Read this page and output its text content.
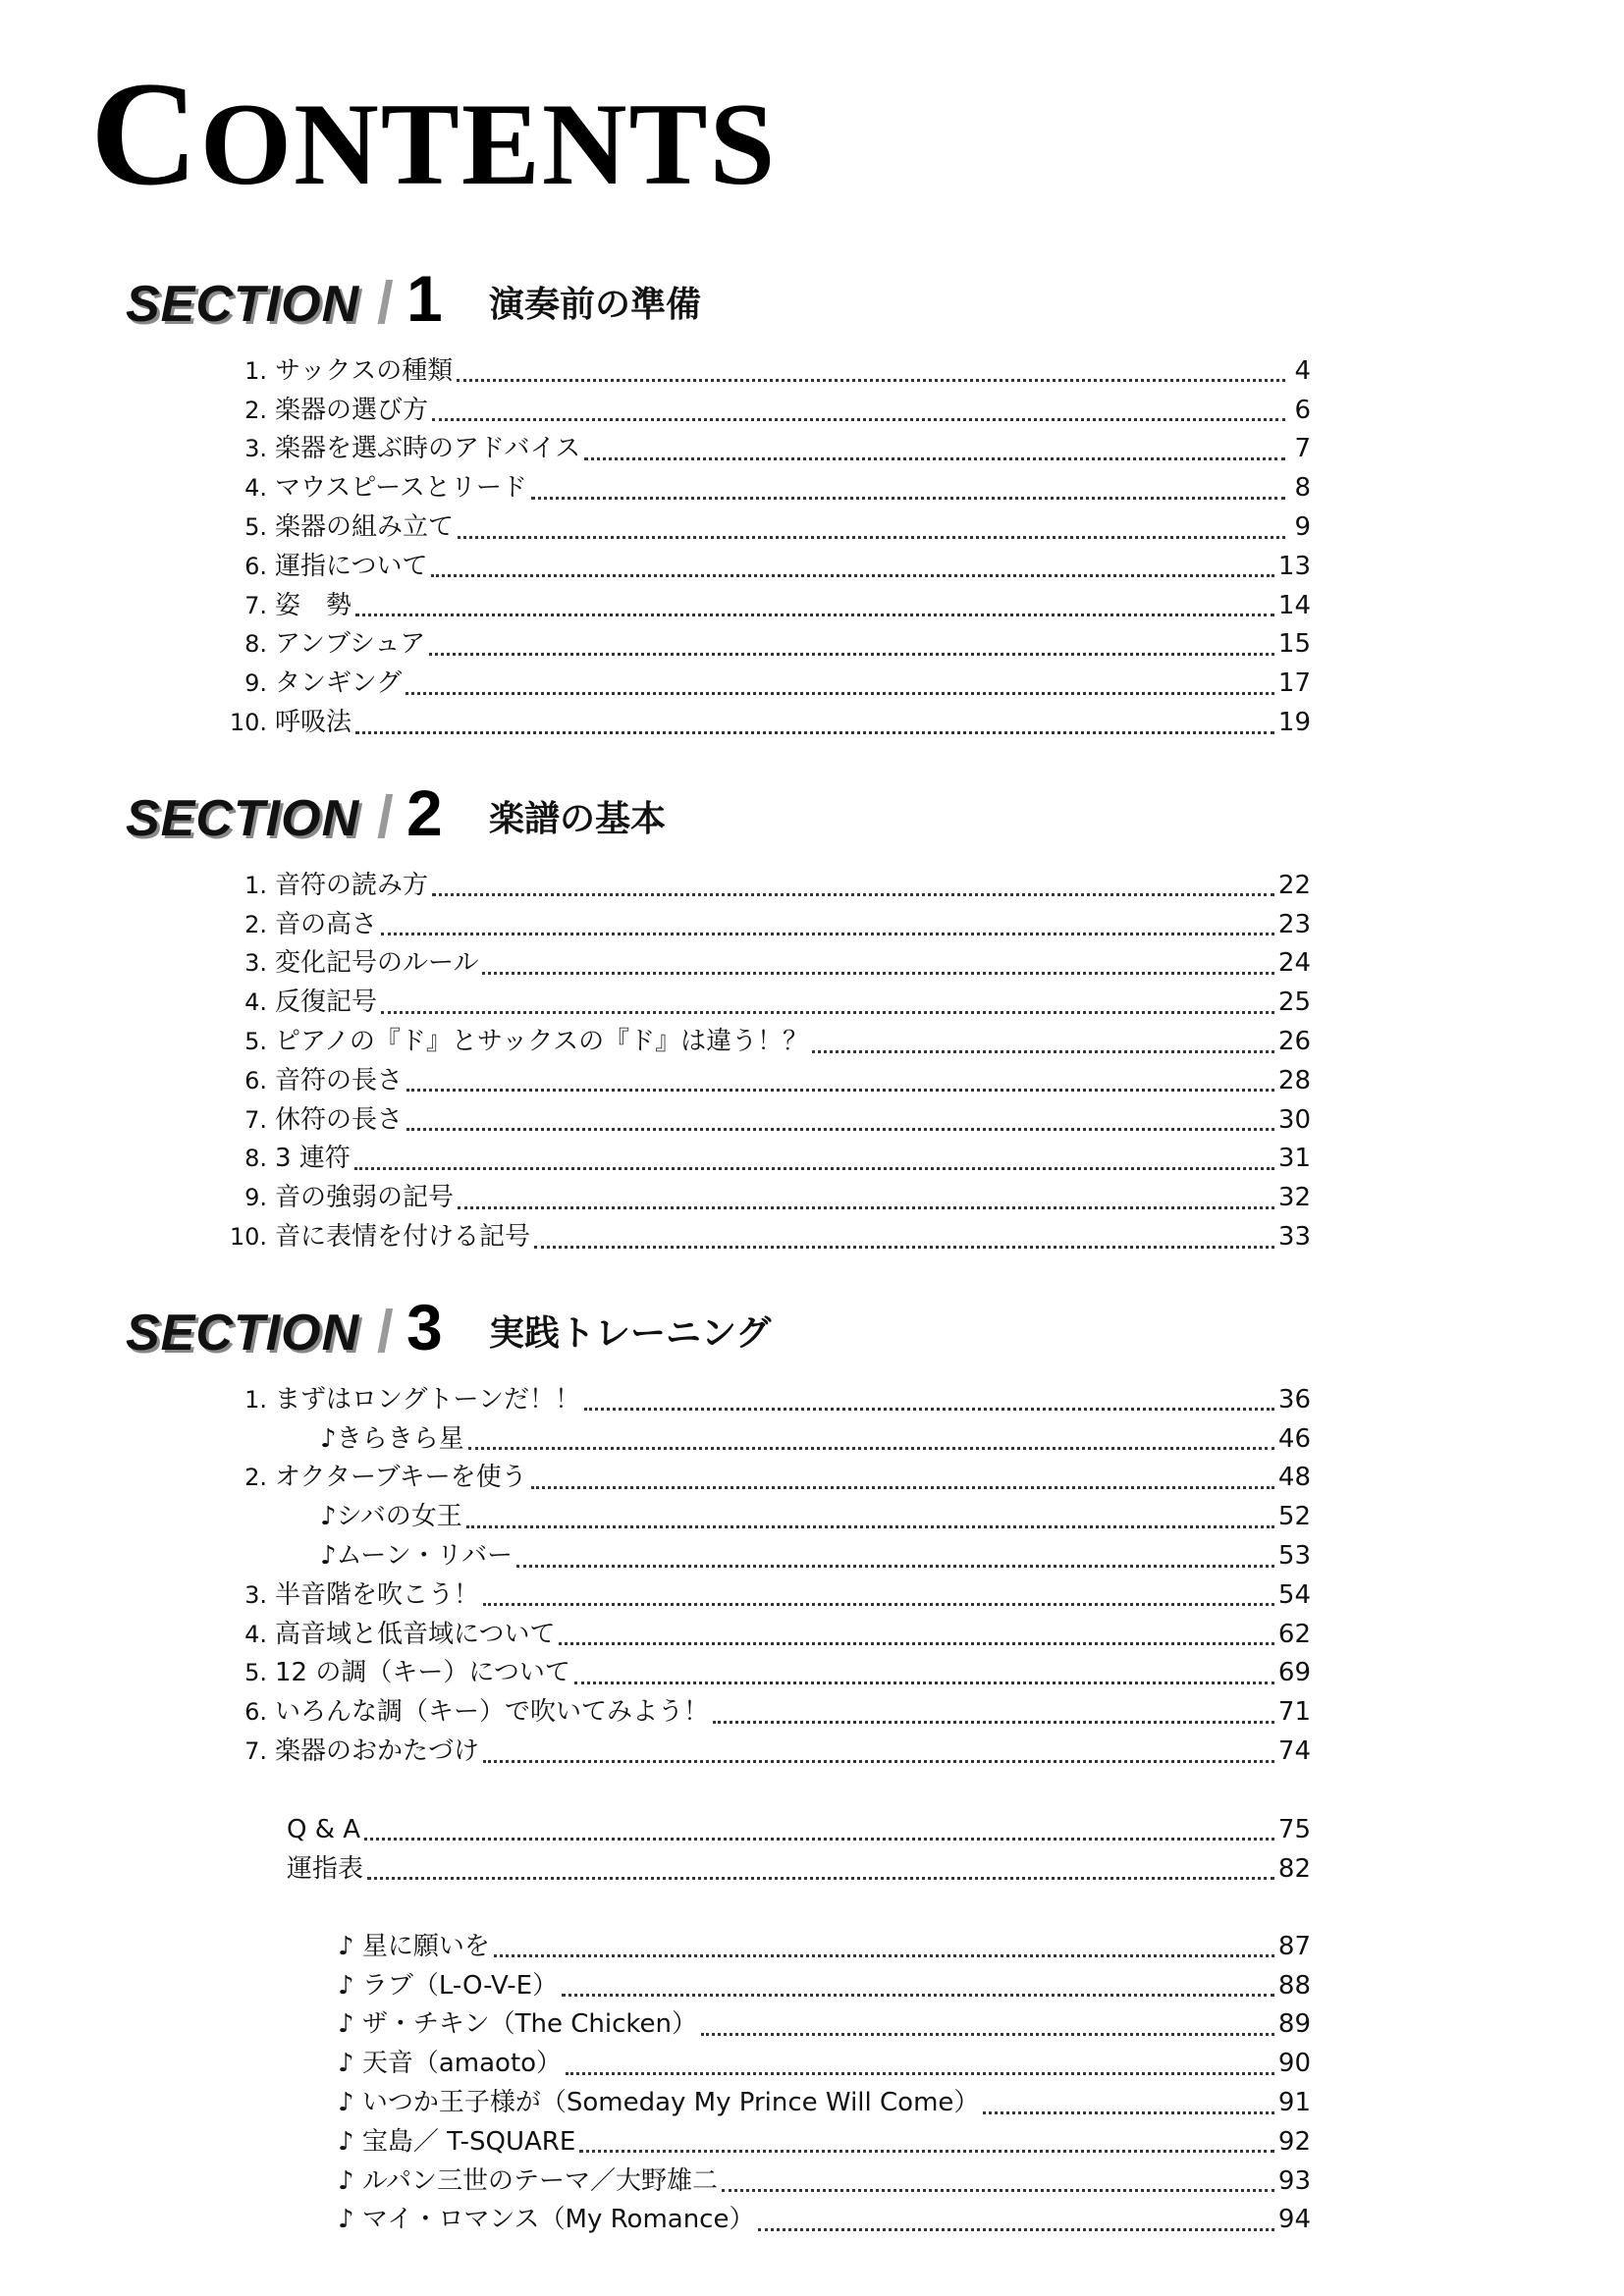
CONTENTS
SECTION / 1 演奏前の準備
1. サックスの種類	4
2. 楽器の選び方	6
3. 楽器を選ぶ時のアドバイス	7
4. マウスピースとリード	8
5. 楽器の組み立て	9
6. 運指について	13
7. 姿　勢	14
8. アンブシュア	15
9. タンギング	17
10. 呼吸法	19
SECTION / 2 楽譜の基本
1. 音符の読み方	22
2. 音の高さ	23
3. 変化記号のルール	24
4. 反復記号	25
5. ピアノの『ド』とサックスの『ド』は違う！？	26
6. 音符の長さ	28
7. 休符の長さ	30
8. 3 連符	31
9. 音の強弱の記号	32
10. 音に表情を付ける記号	33
SECTION / 3 実践トレーニング
1. まずはロングトーンだ！！	36
♪きらきら星	46
2. オクターブキーを使う	48
♪シバの女王	52
♪ムーン・リバー	53
3. 半音階を吹こう！	54
4. 高音域と低音域について	62
5. 12 の調（キー）について	69
6. いろんな調（キー）で吹いてみよう！	71
7. 楽器のおかたづけ	74
Q & A	75
運指表	82
♪ 星に願いを	87
♪ ラブ（L-O-V-E）	88
♪ ザ・チキン（The Chicken）	89
♪ 天音（amaoto）	90
♪ いつか王子様が（Someday My Prince Will Come）	91
♪ 宝島／ T-SQUARE	92
♪ ルパン三世のテーマ／大野雄二	93
♪ マイ・ロマンス（My Romance）	94
